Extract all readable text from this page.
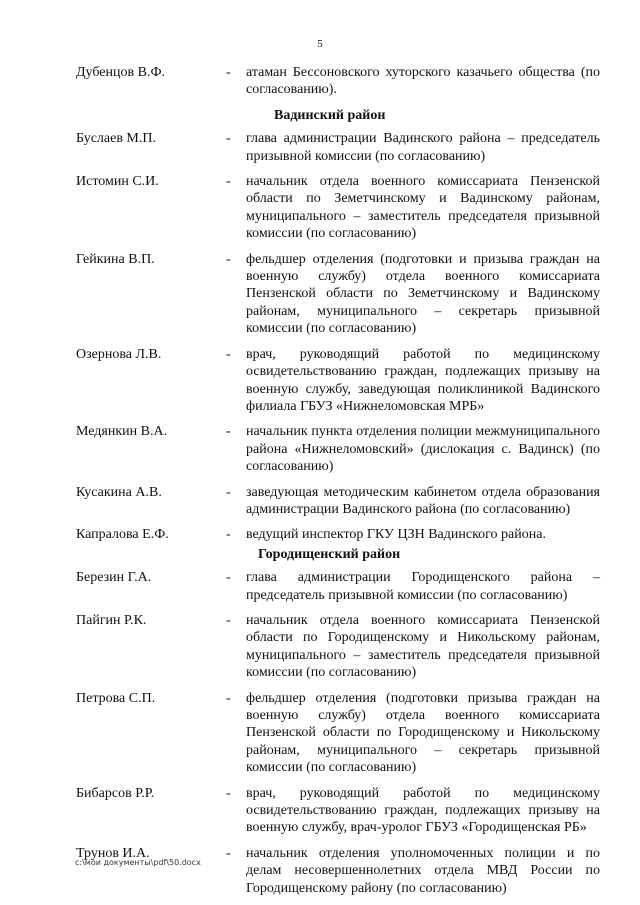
5
Дубенцов В.Ф.	-	атаман Бессоновского хуторского казачьего общества (по согласованию).
Вадинский район
Буслаев М.П.	-	глава администрации Вадинского района – председатель призывной комиссии (по согласованию)
Истомин С.И.	-	начальник отдела военного комиссариата Пензенской области по Земетчинскому и Вадинскому районам, муниципального – заместитель председателя призывной комиссии (по согласованию)
Гейкина В.П.	-	фельдшер отделения (подготовки и призыва граждан на военную службу) отдела военного комиссариата Пензенской области по Земетчинскому и Вадинскому районам, муниципального – секретарь призывной комиссии (по согласованию)
Озернова Л.В.	-	врач, руководящий работой по медицинскому освидетельствованию граждан, подлежащих призыву на военную службу, заведующая поликлиникой Вадинского филиала ГБУЗ «Нижнеломовская МРБ»
Медянкин В.А.	-	начальник пункта отделения полиции межмуниципального района «Нижнеломовский» (дислокация с. Вадинск) (по согласованию)
Кусакина А.В.	-	заведующая методическим кабинетом отдела образования администрации Вадинского района (по согласованию)
Капралова Е.Ф.	-	ведущий инспектор ГКУ ЦЗН Вадинского района.
Городищенский район
Березин Г.А.	-	глава администрации Городищенского района – председатель призывной комиссии (по согласованию)
Пайгин Р.К.	-	начальник отдела военного комиссариата Пензенской области по Городищенскому и Никольскому районам, муниципального – заместитель председателя призывной комиссии (по согласованию)
Петрова С.П.	-	фельдшер отделения (подготовки призыва граждан на военную службу) отдела военного комиссариата Пензенской области по Городищенскому и Никольскому районам, муниципального – секретарь призывной комиссии (по согласованию)
Бибарсов Р.Р.	-	врач, руководящий работой по медицинскому освидетельствованию граждан, подлежащих призыву на военную службу, врач-уролог ГБУЗ «Городищенская РБ»
Трунов И.А.	-	начальник отделения уполномоченных полиции и по делам несовершеннолетних отдела МВД России по Городищенскому району (по согласованию)
c:\мои документы\pdf\50.docx
